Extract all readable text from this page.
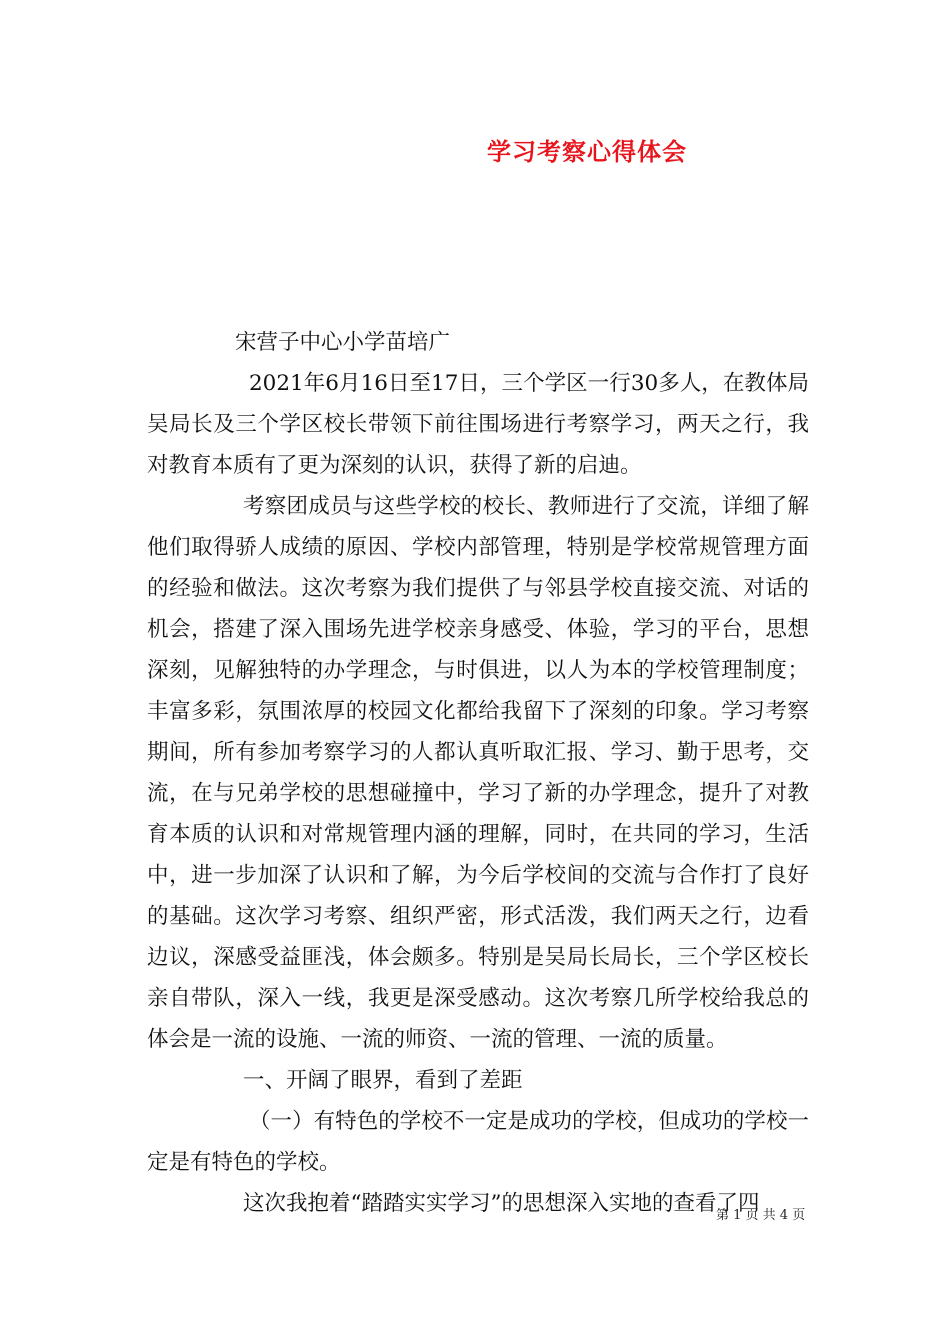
学习考察心得体会

宋营子中心小学苗培广

2021年6月16日至17日，三个学区一行30多人，在教体局吴局长及三个学区校长带领下前往围场进行考察学习，两天之行，我对教育本质有了更为深刻的认识，获得了新的启迪。

考察团成员与这些学校的校长、教师进行了交流，详细了解他们取得骄人成绩的原因、学校内部管理，特别是学校常规管理方面的经验和做法。这次考察为我们提供了与邻县学校直接交流、对话的机会，搭建了深入围场先进学校亲身感受、体验，学习的平台，思想深刻，见解独特的办学理念，与时俱进，以人为本的学校管理制度；丰富多彩，氛围浓厚的校园文化都给我留下了深刻的印象。学习考察期间，所有参加考察学习的人都认真听取汇报、学习、勤于思考，交流，在与兄弟学校的思想碰撞中，学习了新的办学理念，提升了对教育本质的认识和对常规管理内涵的理解，同时，在共同的学习，生活中，进一步加深了认识和了解，为今后学校间的交流与合作打了良好的基础。这次学习考察、组织严密，形式活泼，我们两天之行，边看边议，深感受益匪浅，体会颇多。特别是吴局长局长，三个学区校长亲自带队，深入一线，我更是深受感动。这次考察几所学校给我总的体会是一流的设施、一流的师资、一流的管理、一流的质量。

一、开阔了眼界，看到了差距

（一）有特色的学校不一定是成功的学校，但成功的学校一定是有特色的学校。

这次我抱着“踏踏实实学习”的思想深入实地的查看了四

第 1 页 共 4 页
